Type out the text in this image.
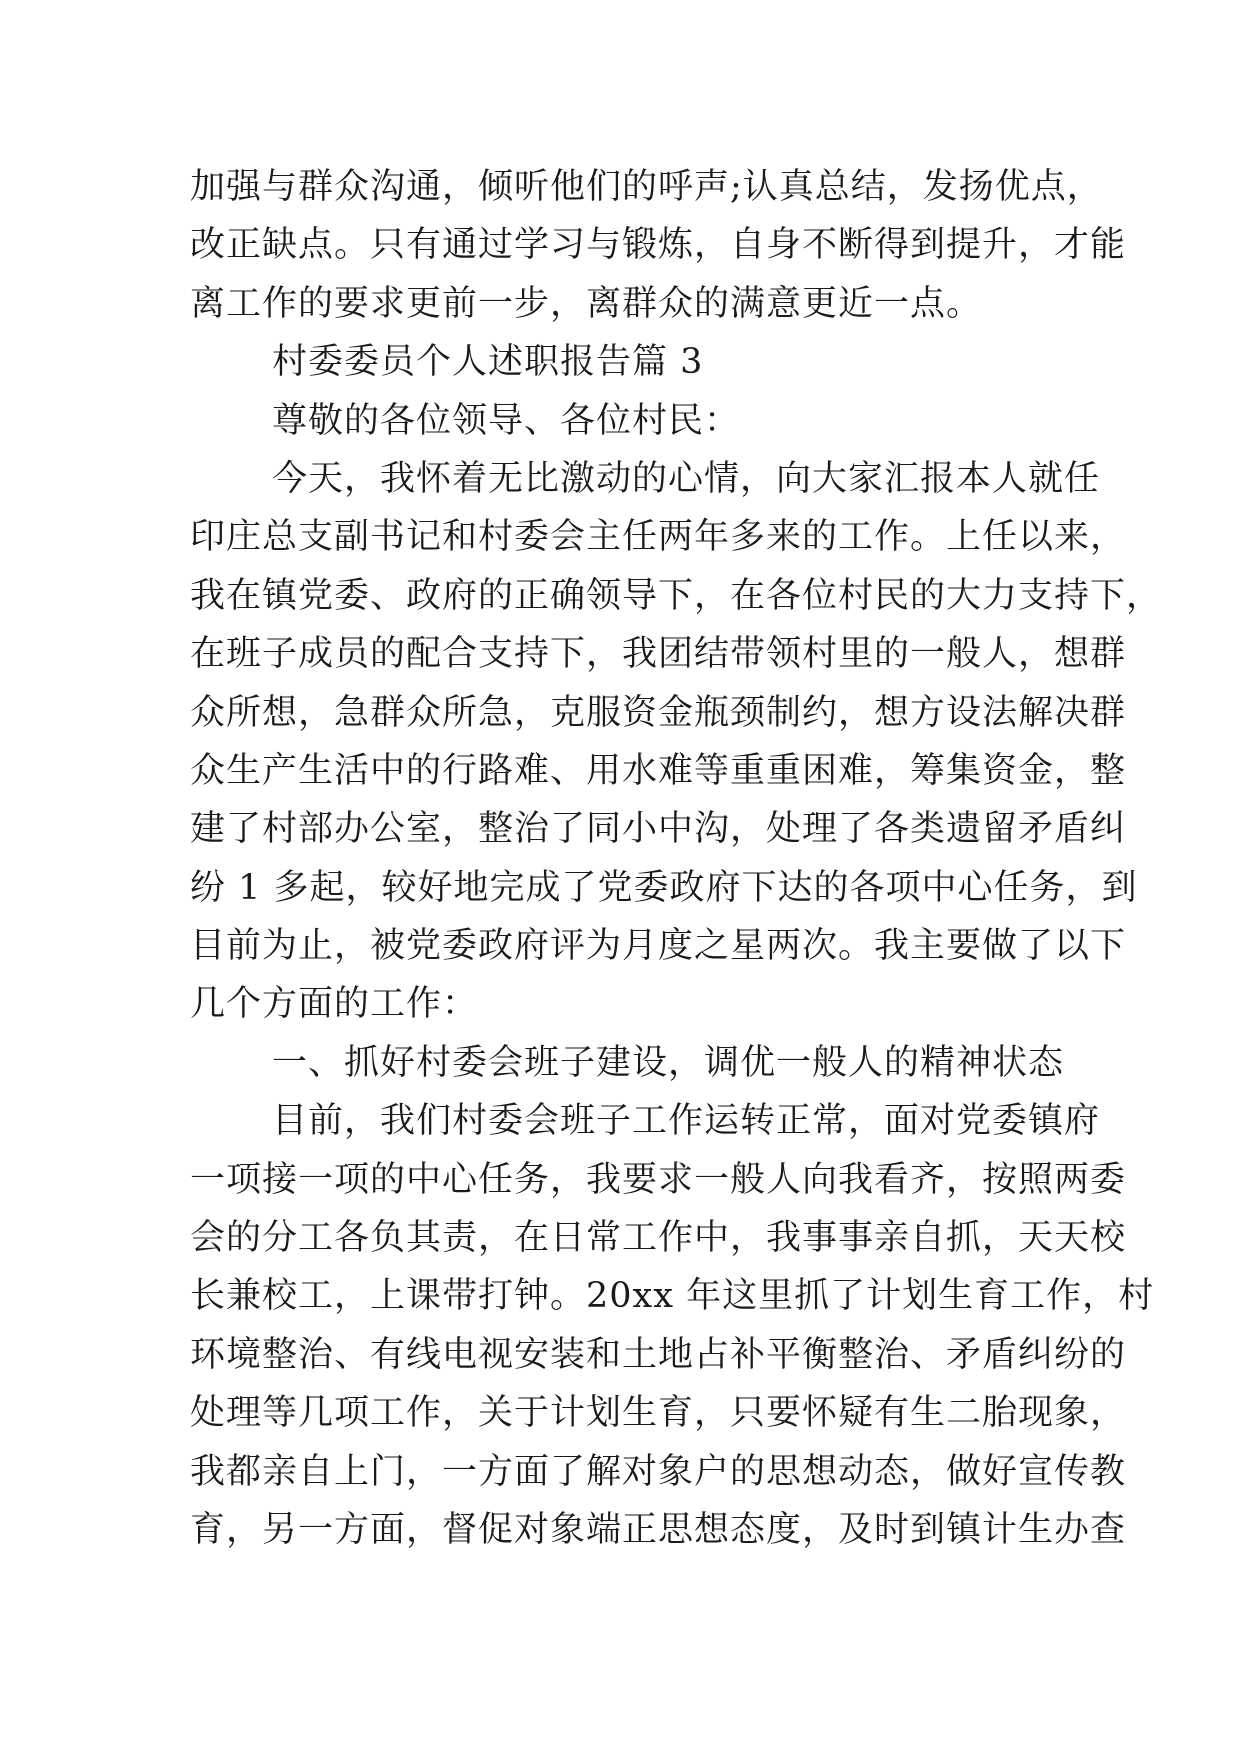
加强与群众沟通，倾听他们的呼声;认真总结，发扬优点，
改正缺点。只有通过学习与锻炼，自身不断得到提升，才能
离工作的要求更前一步，离群众的满意更近一点。
村委委员个人述职报告篇 3
尊敬的各位领导、各位村民：
今天，我怀着无比激动的心情，向大家汇报本人就任
印庄总支副书记和村委会主任两年多来的工作。上任以来，
我在镇党委、政府的正确领导下，在各位村民的大力支持下，
在班子成员的配合支持下，我团结带领村里的一般人，想群
众所想，急群众所急，克服资金瓶颈制约，想方设法解决群
众生产生活中的行路难、用水难等重重困难，筹集资金，整
建了村部办公室，整治了同小中沟，处理了各类遗留矛盾纠
纷 1 多起，较好地完成了党委政府下达的各项中心任务，到
目前为止，被党委政府评为月度之星两次。我主要做了以下
几个方面的工作：
一、抓好村委会班子建设，调优一般人的精神状态
目前，我们村委会班子工作运转正常，面对党委镇府
一项接一项的中心任务，我要求一般人向我看齐，按照两委
会的分工各负其责，在日常工作中，我事事亲自抓，天天校
长兼校工，上课带打钟。20xx 年这里抓了计划生育工作，村
环境整治、有线电视安装和土地占补平衡整治、矛盾纠纷的
处理等几项工作，关于计划生育，只要怀疑有生二胎现象，
我都亲自上门，一方面了解对象户的思想动态，做好宣传教
育，另一方面，督促对象端正思想态度，及时到镇计生办查
